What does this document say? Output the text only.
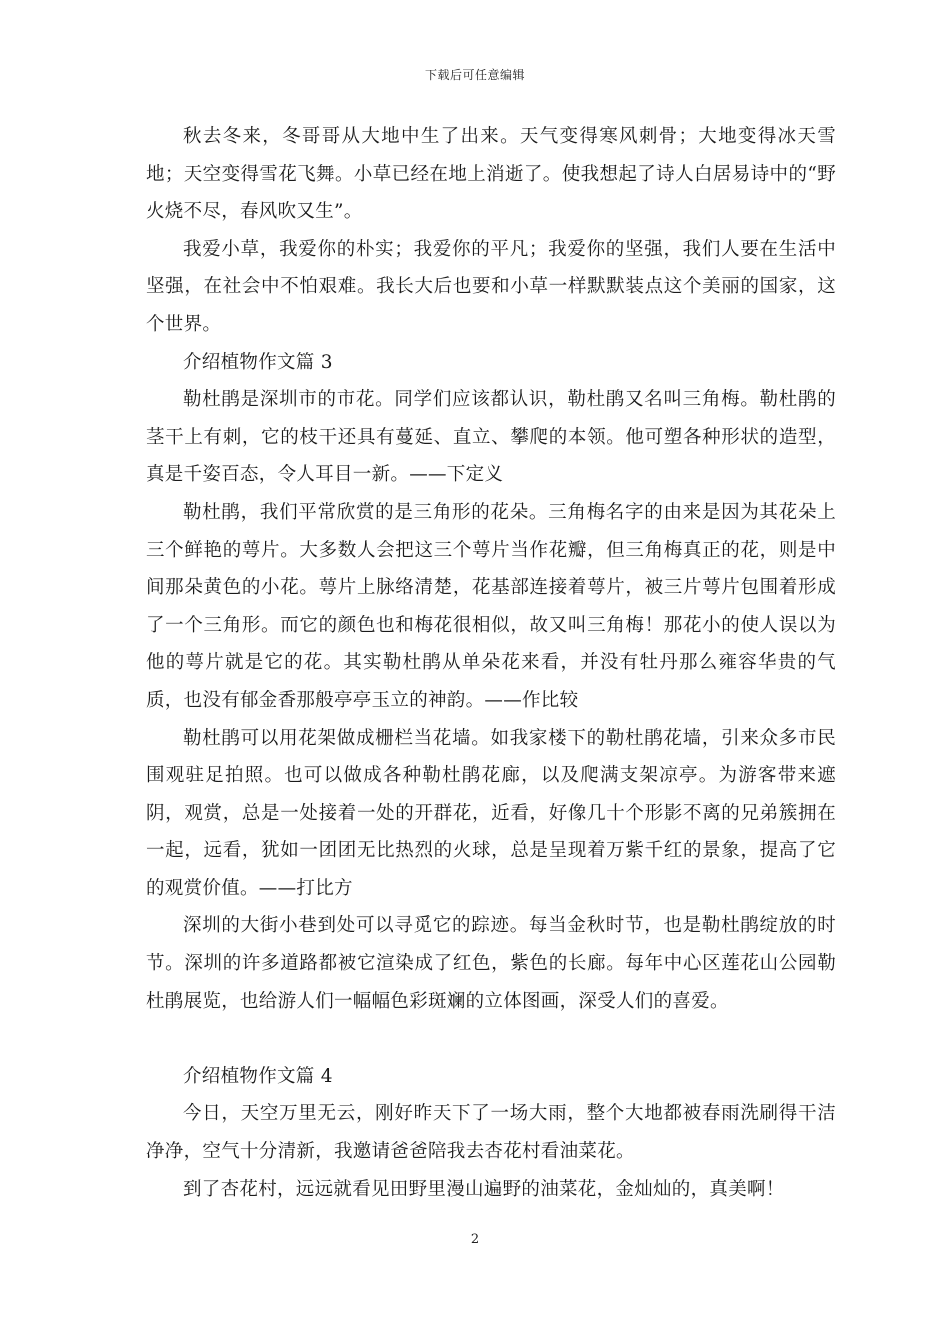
下载后可任意编辑

秋去冬来，冬哥哥从大地中生了出来。天气变得寒风刺骨；大地变得冰天雪地；天空变得雪花飞舞。小草已经在地上消逝了。使我想起了诗人白居易诗中的“野火烧不尽，春风吹又生”。

我爱小草，我爱你的朴实；我爱你的平凡；我爱你的坚强，我们人要在生活中坚强，在社会中不怕艰难。我长大后也要和小草一样默默装点这个美丽的国家，这个世界。

介绍植物作文篇 3

勒杜鹃是深圳市的市花。同学们应该都认识，勒杜鹃又名叫三角梅。勒杜鹃的茎干上有刺，它的枝干还具有蔓延、直立、攀爬的本领。他可塑各种形状的造型，真是千姿百态，令人耳目一新。——下定义

勒杜鹃，我们平常欣赏的是三角形的花朵。三角梅名字的由来是因为其花朵上三个鲜艳的萼片。大多数人会把这三个萼片当作花瓣，但三角梅真正的花，则是中间那朵黄色的小花。萼片上脉络清楚，花基部连接着萼片，被三片萼片包围着形成了一个三角形。而它的颜色也和梅花很相似，故又叫三角梅！那花小的使人误以为他的萼片就是它的花。其实勒杜鹃从单朵花来看，并没有牡丹那么雍容华贵的气质，也没有郁金香那般亭亭玉立的神韵。——作比较

勒杜鹃可以用花架做成栅栏当花墙。如我家楼下的勒杜鹃花墙，引来众多市民围观驻足拍照。也可以做成各种勒杜鹃花廊，以及爬满支架凉亭。为游客带来遮阴，观赏，总是一处接着一处的开群花，近看，好像几十个形影不离的兄弟簇拥在一起，远看，犹如一团团无比热烈的火球，总是呈现着万紫千红的景象，提高了它的观赏价值。——打比方

深圳的大街小巷到处可以寻觅它的踪迹。每当金秋时节，也是勒杜鹃绽放的时节。深圳的许多道路都被它渲染成了红色，紫色的长廊。每年中心区莲花山公园勒杜鹃展览，也给游人们一幅幅色彩斑斓的立体图画，深受人们的喜爱。

介绍植物作文篇 4

今日，天空万里无云，刚好昨天下了一场大雨，整个大地都被春雨洗刷得干洁净净，空气十分清新，我邀请爸爸陪我去杏花村看油菜花。

到了杏花村，远远就看见田野里漫山遍野的油菜花，金灿灿的，真美啊！

2
